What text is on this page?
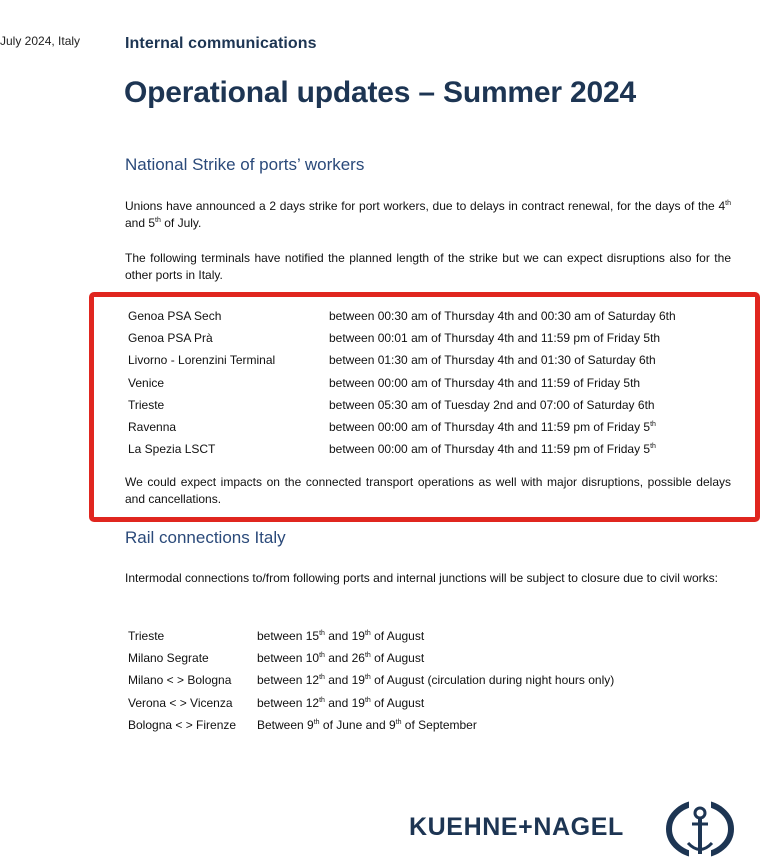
July 2024, Italy	Internal communications
Operational updates – Summer 2024
National Strike of ports’ workers

Unions have announced a 2 days strike for port workers, due to delays in contract renewal, for the days of the 4th and 5th of July.

The following terminals have notified the planned length of the strike but we can expect disruptions also for the other ports in Italy.

Genoa PSA Sech	between 00:30 am of Thursday 4th and 00:30 am of Saturday 6th
Genoa PSA Prà	between 00:01 am of Thursday 4th and 11:59 pm of Friday 5th
Livorno - Lorenzini Terminal	between 01:30 am of Thursday 4th and 01:30 of Saturday 6th
Venice	between 00:00 am of Thursday 4th and 11:59 of Friday 5th
Trieste	between 05:30 am of Tuesday 2nd and 07:00 of Saturday 6th
Ravenna	between 00:00 am of Thursday 4th and 11:59 pm of Friday 5th
La Spezia LSCT	between 00:00 am of Thursday 4th and 11:59 pm of Friday 5th

We could expect impacts on the connected transport operations as well with major disruptions, possible delays and cancellations.

Rail connections Italy

Intermodal connections to/from following ports and internal junctions will be subject to closure due to civil works:

Trieste	between 15th and 19th of August
Milano Segrate	between 10th and 26th of August
Milano < > Bologna between 12th and 19th of August (circulation during night hours only)
Verona < > Vicenza between 12th and 19th of August
Bologna < > Firenze Between 9th of June and 9th of September
KUEHNE+NAGEL
